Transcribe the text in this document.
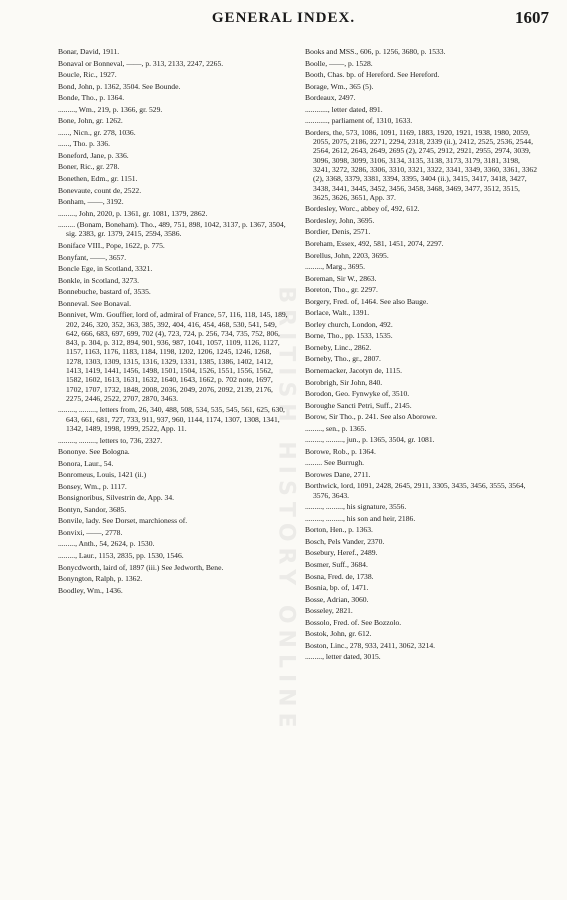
BRITISH HISTORY ONLINE
GENERAL INDEX.	1607
Bonar, David, 1911.
Bonaval or Bonneval, ——, p. 313, 2133, 2247, 2265.
Boucle, Ric., 1927.
Bond, John, p. 1362, 3504. See Bounde.
Bonde, Tho., p. 1364.
........., Wm., 219, p. 1366, gr. 529.
Bone, John, gr. 1262.
......, Nicn., gr. 278, 1036.
......, Tho. p. 336.
Boneford, Jane, p. 336.
Boner, Ric., gr. 278.
Bonethen, Edm., gr. 1151.
Bonevaute, count de, 2522.
Bonham, ——, 3192.
........., John, 2020, p. 1361, gr. 1081, 1379, 2862.
......... (Bonam, Boneham). Tho., 489, 751, 898, 1042, 3137, p. 1367, 3504, sig. 2383, gr. 1379, 2415, 2594, 3586.
Boniface VIII., Pope, 1622, p. 775.
Bonyfant, ——, 3657.
Boncle Ege, in Scotland, 3321.
Bonkle, in Scotland, 3273.
Bonnebuche, bastard of, 3535.
Bonneval. See Bonaval.
Bonnivet, Wm. Gouffier, lord of, admiral of France, 57, 116, 118, 145, 189, 202, 246, 320, 352, 363, 385, 392, 404, 416, 454, 468, 530, 541, 549, 642, 666, 683, 697, 699, 702 (4), 723, 724, p. 256, 734, 735, 752, 806, 843, p. 304, p. 312, 894, 901, 936, 987, 1041, 1057, 1109, 1126, 1127, 1157, 1163, 1176, 1183, 1184, 1198, 1202, 1206, 1245, 1246, 1268, 1278, 1303, 1309, 1315, 1316, 1329, 1331, 1385, 1386, 1402, 1412, 1413, 1419, 1441, 1456, 1498, 1501, 1504, 1526, 1551, 1556, 1562, 1582, 1602, 1613, 1631, 1632, 1640, 1643, 1662, p. 702 note, 1697, 1702, 1707, 1732, 1848, 2008, 2036, 2049, 2076, 2092, 2139, 2176, 2275, 2446, 2522, 2707, 2870, 3463.
........., ........., letters from, 26, 340, 488, 508, 534, 535, 545, 561, 625, 630, 643, 661, 681, 727, 733, 911, 937, 960, 1144, 1174, 1307, 1308, 1341, 1342, 1489, 1998, 1999, 2522, App. 11.
........., ........., letters to, 736, 2327.
Bononye. See Bologna.
Bonora, Laur., 54.
Bonromeus, Louis, 1421 (ii.)
Bonsey, Wm., p. 1117.
Bonsignoribus, Silvestrin de, App. 34.
Bontyn, Sandor, 3685.
Bonvile, lady. See Dorset, marchioness of.
Bonvixi, ——, 2778.
........., Anth., 54, 2624, p. 1530.
........., Laur., 1153, 2835, pp. 1530, 1546.
Bonycdworth, laird of, 1897 (iii.) See Jedworth, Bene.
Bonyngton, Ralph, p. 1362.
Boodley, Wm., 1436.
Books and MSS., 606, p. 1256, 3680, p. 1533.
Boolle, ——, p. 1528.
Booth, Chas. bp. of Hereford. See Hereford.
Borage, Wm., 365 (5).
Bordeaux, 2497.
............, letter dated, 891.
............, parliament of, 1310, 1633.
Borders, the, 573, 1086, 1091, 1169, 1883, 1920, 1921, 1938, 1980, 2059, 2055, 2075, 2186, 2271, 2294, 2318, 2339 (ii.), 2412, 2525, 2536, 2544, 2564, 2612, 2643, 2649, 2695 (2), 2745, 2912, 2921, 2955, 2974, 3039, 3096, 3098, 3099, 3106, 3134, 3135, 3138, 3173, 3179, 3181, 3198, 3241, 3272, 3286, 3306, 3310, 3321, 3322, 3341, 3349, 3360, 3361, 3362 (2), 3368, 3379, 3381, 3394, 3395, 3404 (ii.), 3415, 3417, 3418, 3427, 3438, 3441, 3445, 3452, 3456, 3458, 3468, 3469, 3477, 3512, 3515, 3625, 3626, 3651, App. 37.
Bordesley, Worc., abbey of, 492, 612.
Bordesley, John, 3695.
Bordier, Denis, 2571.
Boreham, Essex, 492, 581, 1451, 2074, 2297.
Borellus, John, 2203, 3695.
........., Marg., 3695.
Boreman, Sir W., 2863.
Boreton, Tho., gr. 2297.
Borgery, Fred. of, 1464. See also Bauge.
Borlace, Walt., 1391.
Borley church, London, 492.
Borne, Tho., pp. 1533, 1535.
Borneby, Linc., 2862.
Borneby, Tho., gr., 2807.
Bornemacker, Jacotyn de, 1115.
Borobrigh, Sir John, 840.
Borodon, Geo. Fynwyke of, 3510.
Boroughe Sancti Petri, Suff., 2145.
Borow, Sir Tho., p. 241. See also Aborowe.
........., sen., p. 1365.
........., ........., jun., p. 1365, 3504, gr. 1081.
Borowe, Rob., p. 1364.
......... See Burrugh.
Borowes Dane, 2711.
Borthwick, lord, 1091, 2428, 2645, 2911, 3305, 3435, 3456, 3555, 3564, 3576, 3643.
........., ........., his signature, 3556.
........., ........., his son and heir, 2186.
Borton, Hen., p. 1363.
Bosch, Pels Vander, 2370.
Bosebury, Heref., 2489.
Bosmer, Suff., 3684.
Bosna, Fred. de, 1738.
Bosnia, bp. of, 1471.
Bosse, Adrian, 3060.
Bosseley, 2821.
Bossolo, Fred. of. See Bozzolo.
Bostok, John, gr. 612.
Boston, Linc., 278, 933, 2411, 3062, 3214.
........., letter dated, 3015.
